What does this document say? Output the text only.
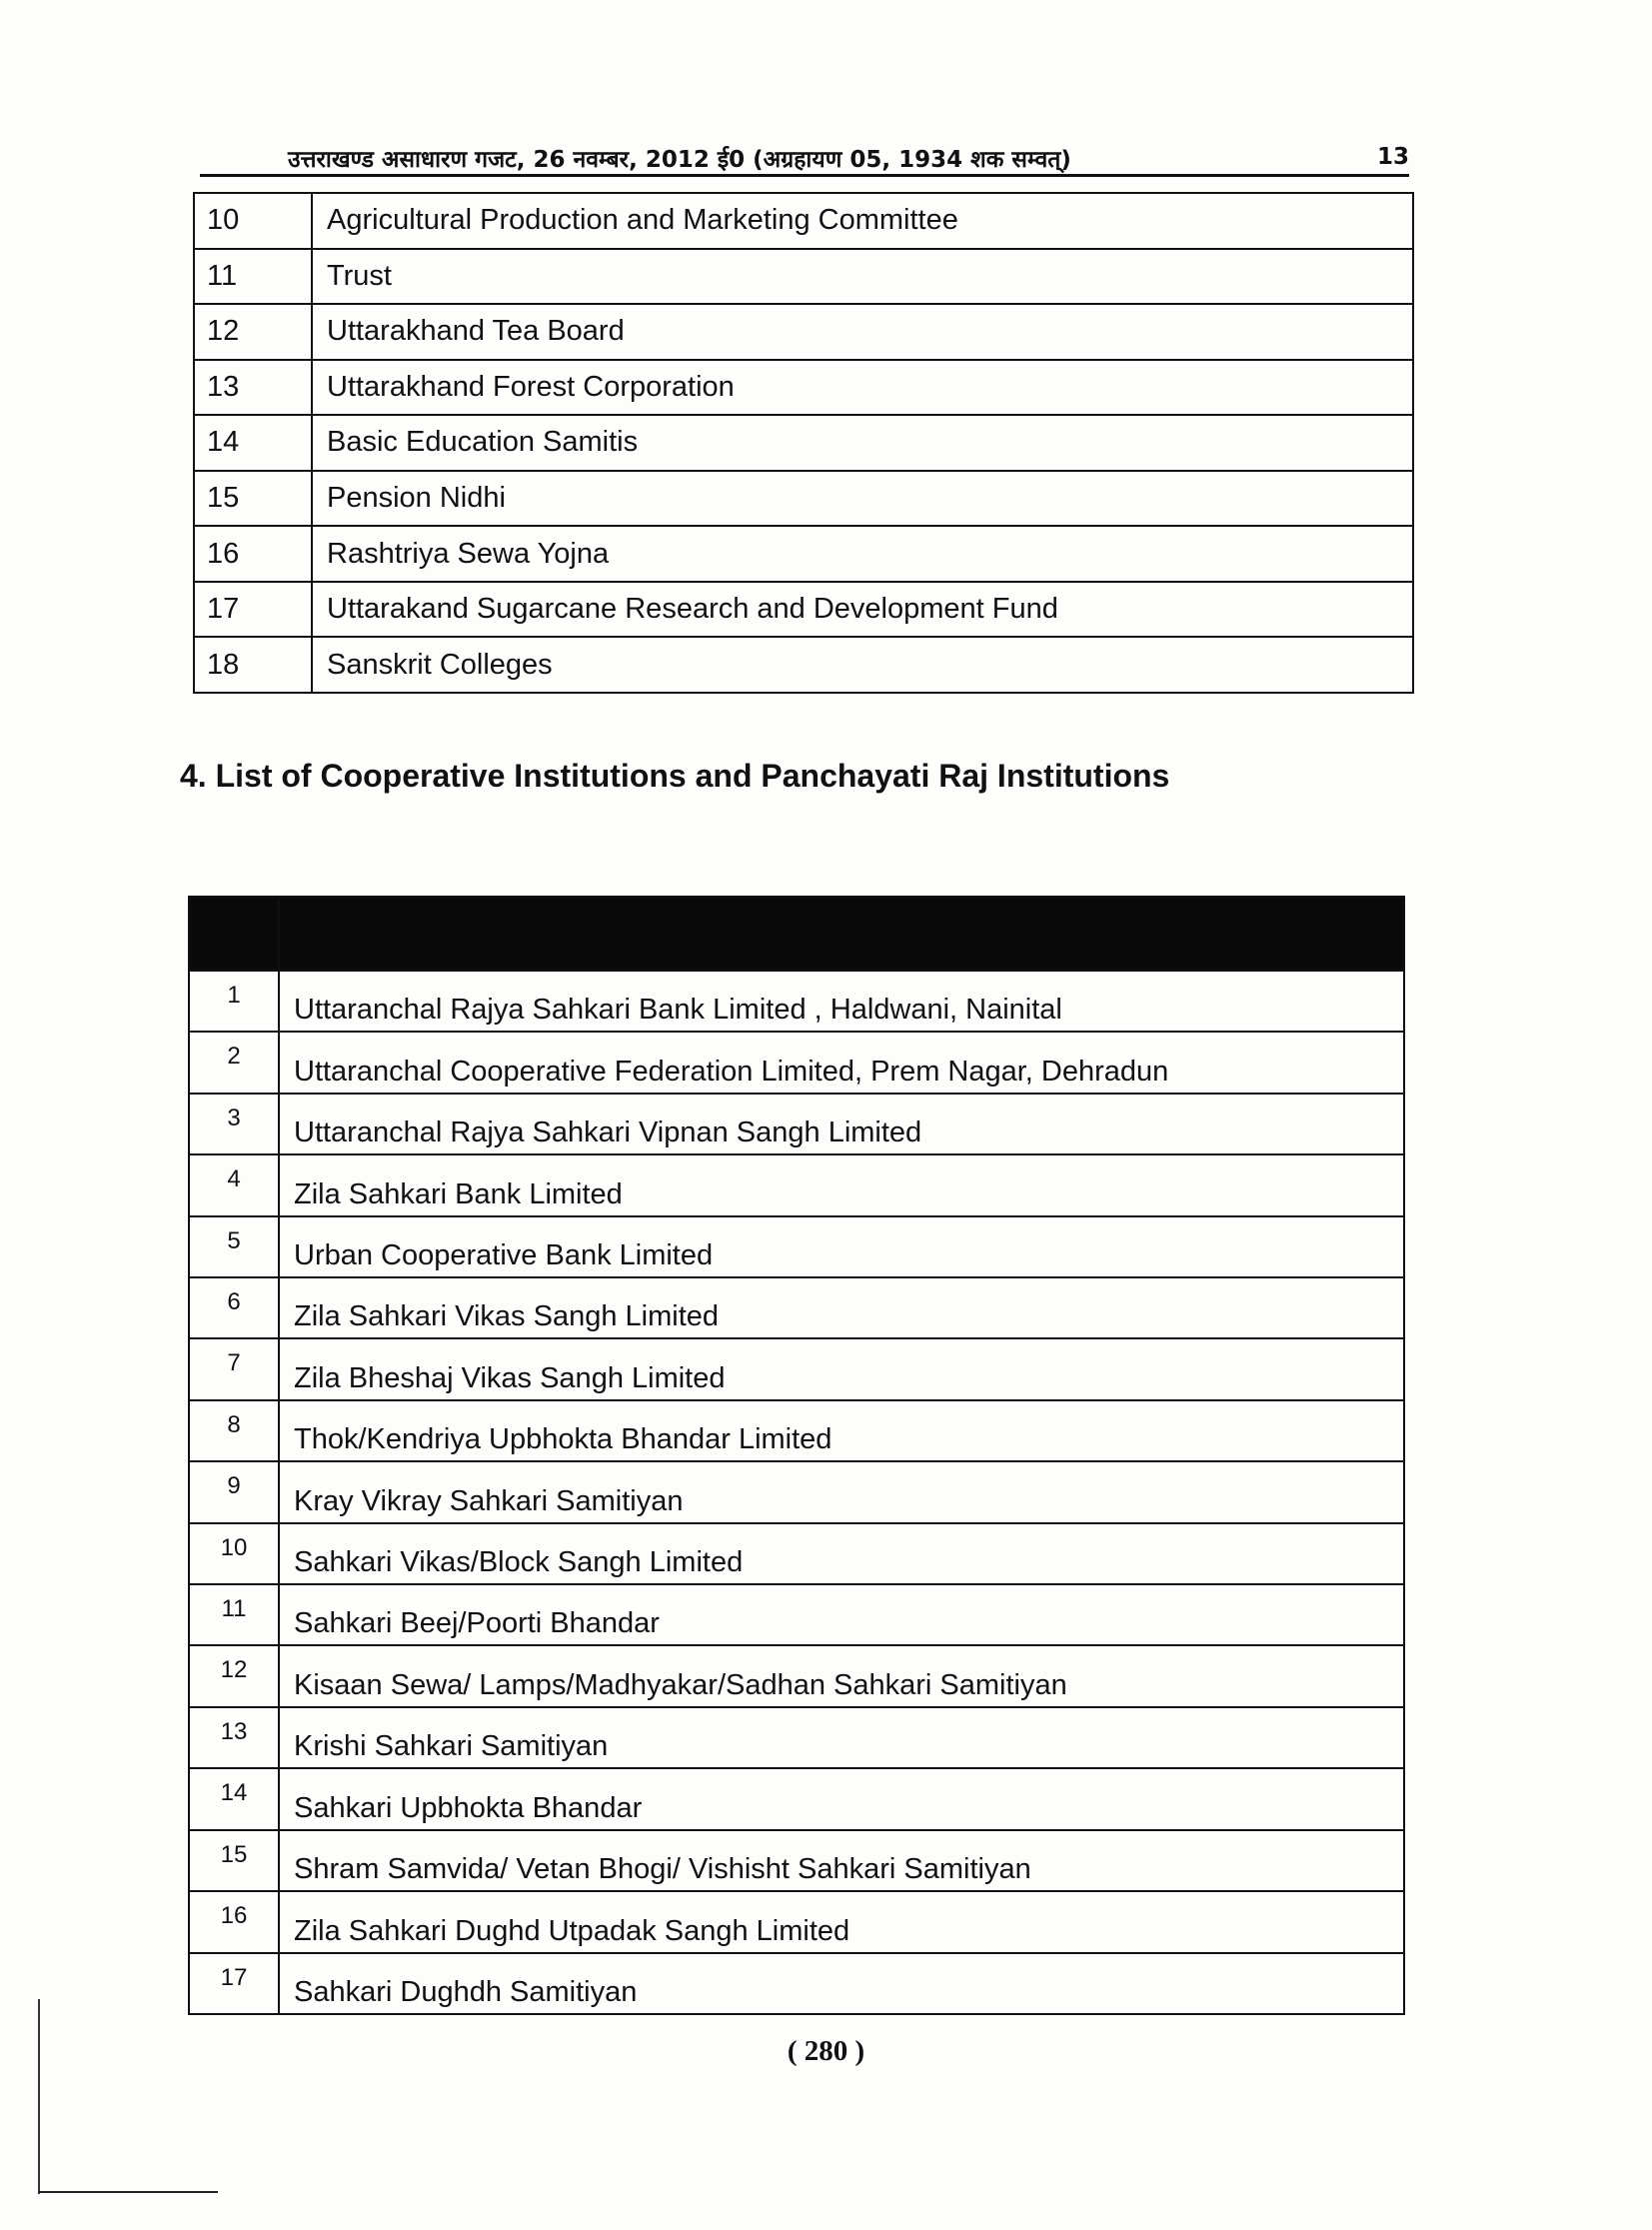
उत्तराखण्ड असाधारण गजट, 26 नवम्बर, 2012 ई0 (अग्रहायण 05, 1934 शक सम्वत्)	13
10	Agricultural Production and Marketing Committee
11	Trust
12	Uttarakhand Tea Board
13	Uttarakhand Forest Corporation
14	Basic Education Samitis
15	Pension Nidhi
16	Rashtriya Sewa Yojna
17	Uttarakand Sugarcane Research and Development Fund
18	Sanskrit Colleges
4. List of Cooperative Institutions and Panchayati Raj Institutions

1	Uttaranchal Rajya Sahkari Bank Limited , Haldwani, Nainital
2	Uttaranchal Cooperative Federation Limited, Prem Nagar, Dehradun
3	Uttaranchal Rajya Sahkari Vipnan Sangh Limited
4	Zila Sahkari Bank Limited
5	Urban Cooperative Bank Limited
6	Zila Sahkari Vikas Sangh Limited
7	Zila Bheshaj Vikas Sangh Limited
8	Thok/Kendriya Upbhokta Bhandar Limited
9	Kray Vikray Sahkari Samitiyan
10	Sahkari Vikas/Block Sangh Limited
11	Sahkari Beej/Poorti Bhandar
12	Kisaan Sewa/ Lamps/Madhyakar/Sadhan Sahkari Samitiyan
13	Krishi Sahkari Samitiyan
14	Sahkari Upbhokta Bhandar
15	Shram Samvida/ Vetan Bhogi/ Vishisht Sahkari Samitiyan
16	Zila Sahkari Dughd Utpadak Sangh Limited
17	Sahkari Dughdh Samitiyan
( 280 )
